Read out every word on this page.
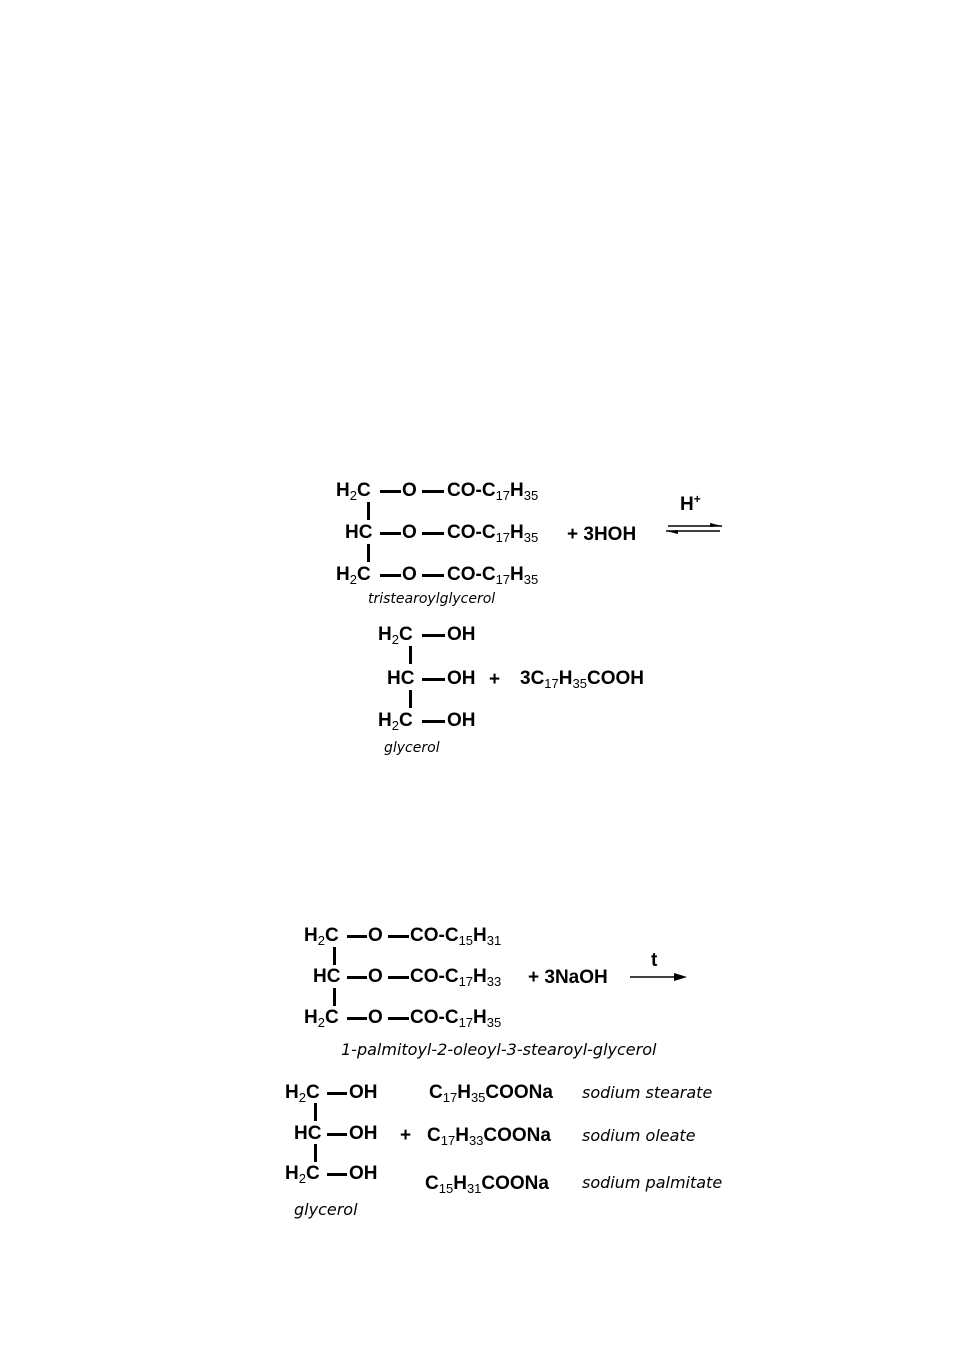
$H_2C$ O $CO-C_{17}H_{35}$
HC O $CO-C_{17}H_{35}$
$H_2C$ O $CO-C_{17}H_{35}$
tristearoylglycerol
+ 3HOH
H+
$H_2C$ OH
HC OH
$H_2C$ OH
glycerol
+ $3C_{17}H_{35}COOH$
$H_2C$ O $CO-C_{15}H_{31}$
HC O $CO-C_{17}H_{33}$
$H_2C$ O $CO-C_{17}H_{35}$
1-palmitoyl-2-oleoyl-3-stearoyl-glycerol
+ 3NaOH
t
$H_2C$ OH
HC OH
$H_2C$ OH
glycerol
+
$C_{17}H_{35}COONa$ sodium stearate
$C_{17}H_{33}COONa$ sodium oleate
$C_{15}H_{31}COONa$ sodium palmitate
